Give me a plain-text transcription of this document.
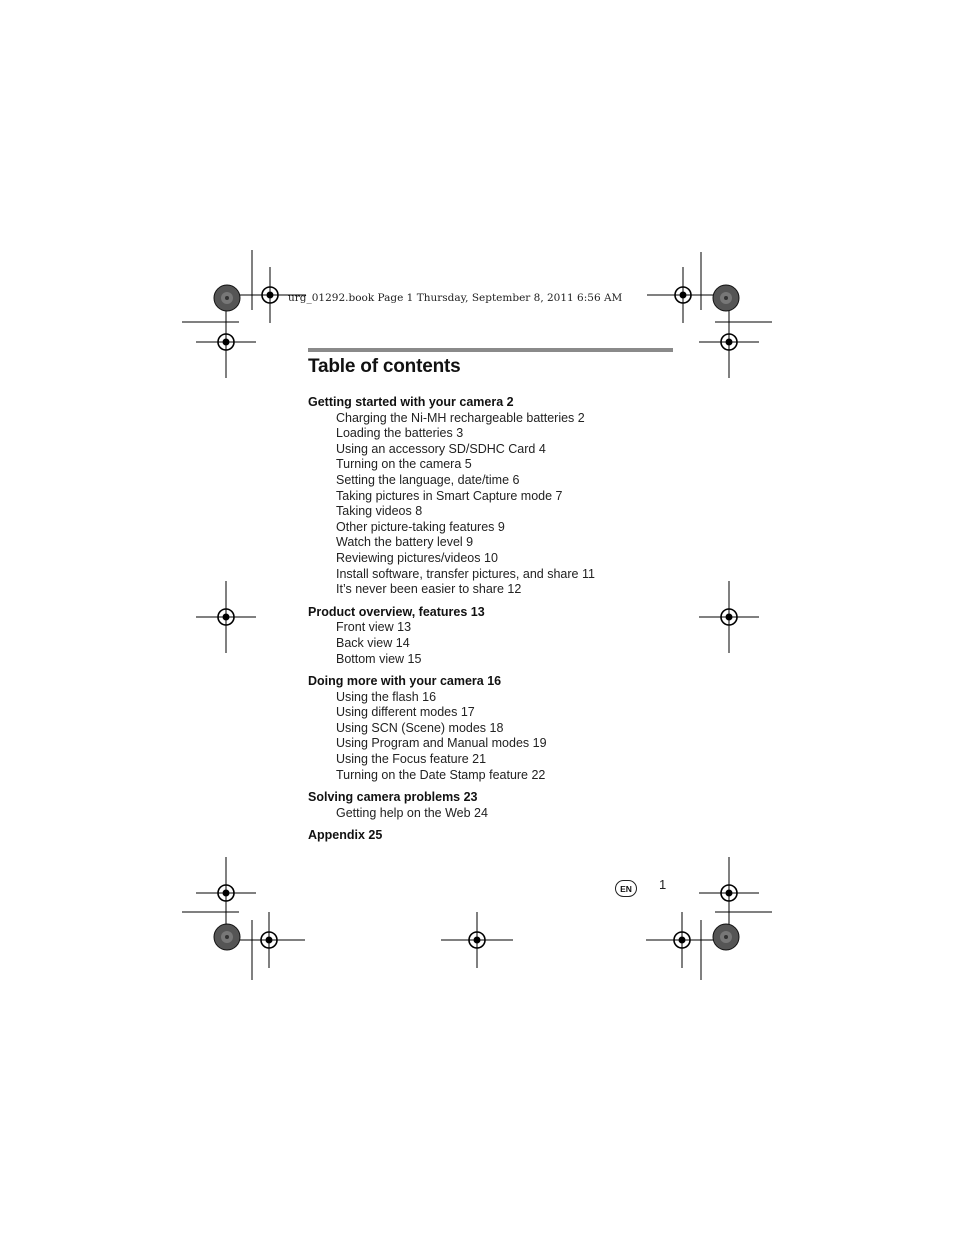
urg_01292.book Page 1 Thursday, September 8, 2011 6:56 AM
Table of contents
Getting started with your camera 2
Charging the Ni-MH rechargeable batteries 2
Loading the batteries 3
Using an accessory SD/SDHC Card 4
Turning on the camera 5
Setting the language, date/time 6
Taking pictures in Smart Capture mode 7
Taking videos 8
Other picture-taking features 9
Watch the battery level 9
Reviewing pictures/videos 10
Install software, transfer pictures, and share 11
It’s never been easier to share 12
Product overview, features 13
Front view 13
Back view 14
Bottom view 15
Doing more with your camera 16
Using the flash 16
Using different modes 17
Using SCN (Scene) modes 18
Using Program and Manual modes 19
Using the Focus feature 21
Turning on the Date Stamp feature 22
Solving camera problems 23
Getting help on the Web 24
Appendix 25
EN	1
